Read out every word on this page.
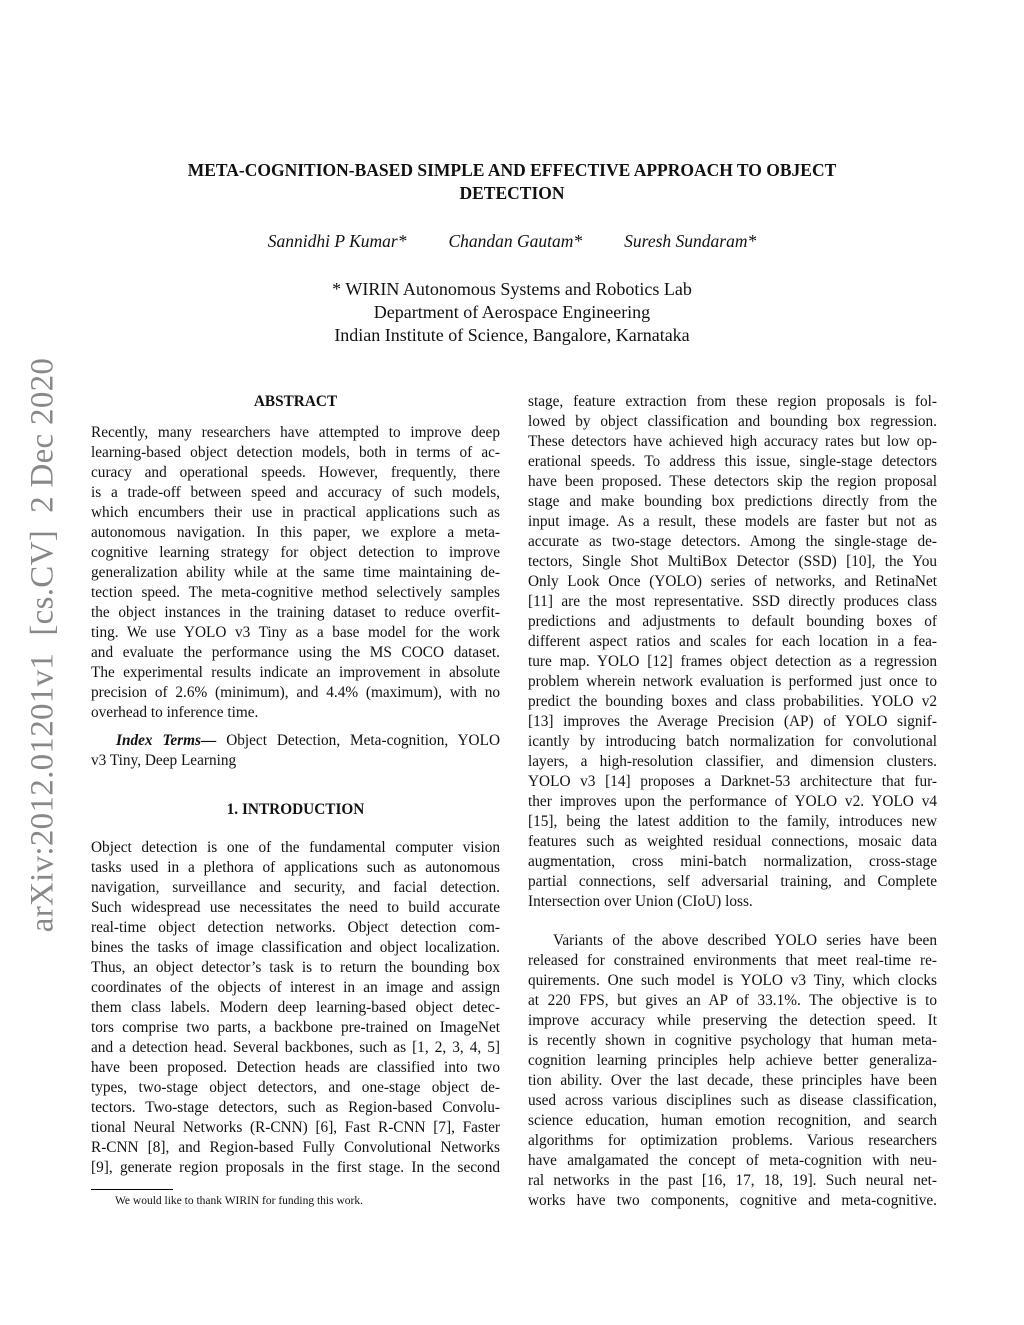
META-COGNITION-BASED SIMPLE AND EFFECTIVE APPROACH TO OBJECT
DETECTION
Sannidhi P Kumar* Chandan Gautam* Suresh Sundaram*
* WIRIN Autonomous Systems and Robotics Lab
Department of Aerospace Engineering
Indian Institute of Science, Bangalore, Karnataka
arXiv:2012.01201v1  [cs.CV]  2 Dec 2020	ABSTRACT
Recently, many researchers have attempted to improve deep
learning-based object detection models, both in terms of ac-
curacy and operational speeds. However, frequently, there
is a trade-off between speed and accuracy of such models,
which encumbers their use in practical applications such as
autonomous navigation. In this paper, we explore a meta-
cognitive learning strategy for object detection to improve
generalization ability while at the same time maintaining de-
tection speed. The meta-cognitive method selectively samples
the object instances in the training dataset to reduce overfit-
ting. We use YOLO v3 Tiny as a base model for the work
and evaluate the performance using the MS COCO dataset.
The experimental results indicate an improvement in absolute
precision of 2.6% (minimum), and 4.4% (maximum), with no
overhead to inference time.
Index Terms— Object Detection, Meta-cognition, YOLO
v3 Tiny, Deep Learning
1. INTRODUCTION
Object detection is one of the fundamental computer vision
tasks used in a plethora of applications such as autonomous
navigation, surveillance and security, and facial detection.
Such widespread use necessitates the need to build accurate
real-time object detection networks. Object detection com-
bines the tasks of image classification and object localization.
Thus, an object detector’s task is to return the bounding box
coordinates of the objects of interest in an image and assign
them class labels. Modern deep learning-based object detec-
tors comprise two parts, a backbone pre-trained on ImageNet
and a detection head. Several backbones, such as [1, 2, 3, 4, 5]
have been proposed. Detection heads are classified into two
types, two-stage object detectors, and one-stage object de-
tectors. Two-stage detectors, such as Region-based Convolu-
tional Neural Networks (R-CNN) [6], Fast R-CNN [7], Faster
R-CNN [8], and Region-based Fully Convolutional Networks
[9], generate region proposals in the first stage. In the second
We would like to thank WIRIN for funding this work.
stage, feature extraction from these region proposals is fol-
lowed by object classification and bounding box regression.
These detectors have achieved high accuracy rates but low op-
erational speeds. To address this issue, single-stage detectors
have been proposed. These detectors skip the region proposal
stage and make bounding box predictions directly from the
input image. As a result, these models are faster but not as
accurate as two-stage detectors. Among the single-stage de-
tectors, Single Shot MultiBox Detector (SSD) [10], the You
Only Look Once (YOLO) series of networks, and RetinaNet
[11] are the most representative. SSD directly produces class
predictions and adjustments to default bounding boxes of
different aspect ratios and scales for each location in a fea-
ture map. YOLO [12] frames object detection as a regression
problem wherein network evaluation is performed just once to
predict the bounding boxes and class probabilities. YOLO v2
[13] improves the Average Precision (AP) of YOLO signif-
icantly by introducing batch normalization for convolutional
layers, a high-resolution classifier, and dimension clusters.
YOLO v3 [14] proposes a Darknet-53 architecture that fur-
ther improves upon the performance of YOLO v2. YOLO v4
[15], being the latest addition to the family, introduces new
features such as weighted residual connections, mosaic data
augmentation, cross mini-batch normalization, cross-stage
partial connections, self adversarial training, and Complete
Intersection over Union (CIoU) loss.
Variants of the above described YOLO series have been
released for constrained environments that meet real-time re-
quirements. One such model is YOLO v3 Tiny, which clocks
at 220 FPS, but gives an AP of 33.1%. The objective is to
improve accuracy while preserving the detection speed. It
is recently shown in cognitive psychology that human meta-
cognition learning principles help achieve better generaliza-
tion ability. Over the last decade, these principles have been
used across various disciplines such as disease classification,
science education, human emotion recognition, and search
algorithms for optimization problems. Various researchers
have amalgamated the concept of meta-cognition with neu-
ral networks in the past [16, 17, 18, 19]. Such neural net-
works have two components, cognitive and meta-cognitive.
